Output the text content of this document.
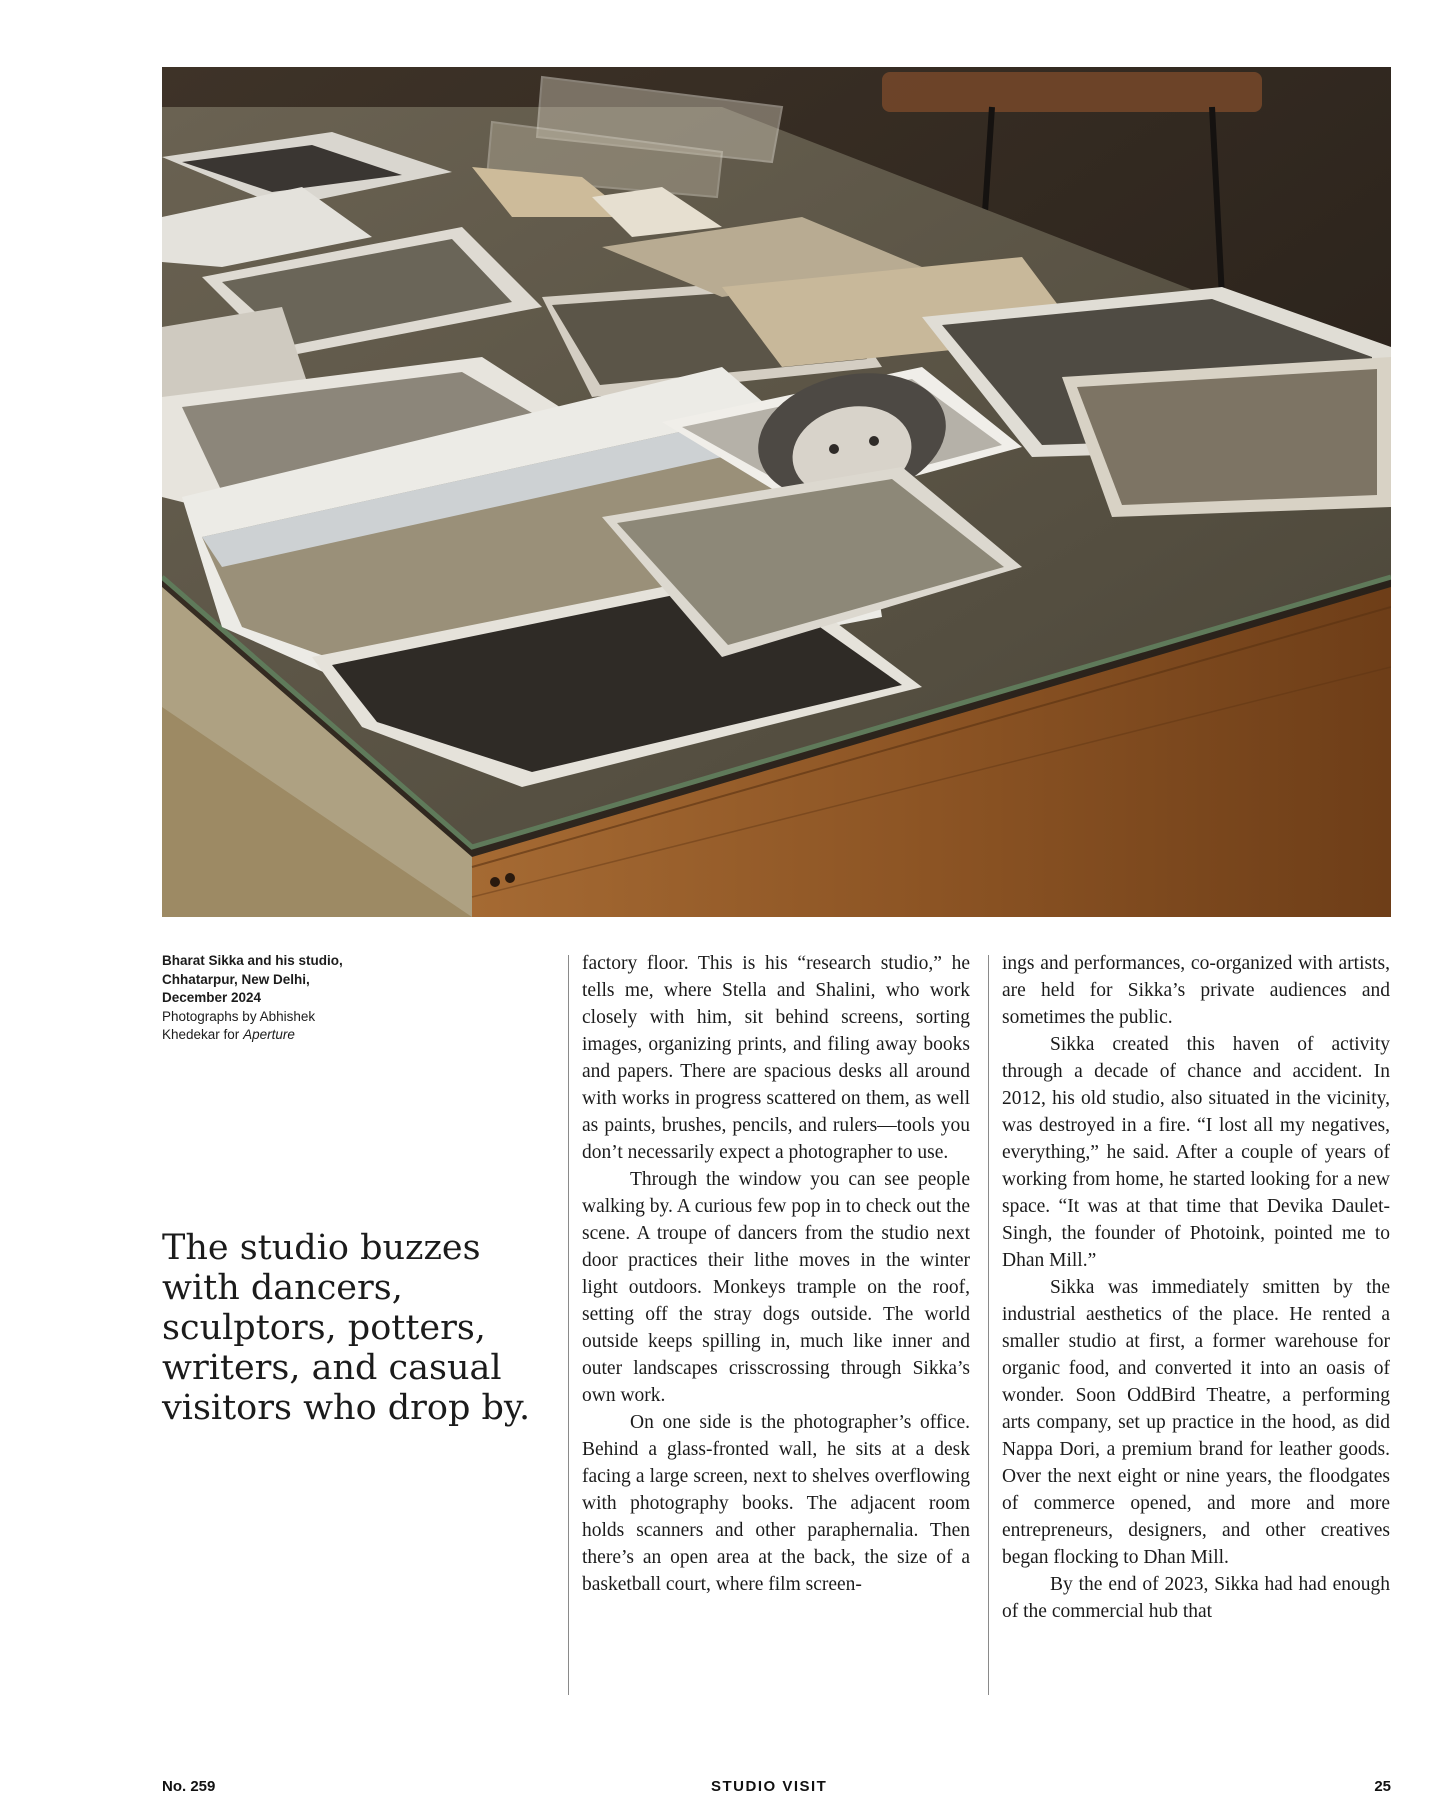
Bharat Sikka and his studio, Chhatarpur, New Delhi, December 2024
Photographs by Abhishek Khedekar for Aperture
The studio buzzes with dancers, sculptors, potters, writers, and casual visitors who drop by.

factory floor. This is his “research studio,” he tells me, where Stella and Shalini, who work closely with him, sit behind screens, sorting images, organizing prints, and filing away books and papers. There are spacious desks all around with works in progress scattered on them, as well as paints, brushes, pencils, and rulers—tools you don’t necessarily expect a photographer to use.

Through the window you can see people walking by. A curious few pop in to check out the scene. A troupe of dancers from the studio next door practices their lithe moves in the winter light outdoors. Monkeys trample on the roof, setting off the stray dogs outside. The world outside keeps spilling in, much like inner and outer landscapes crisscrossing through Sikka’s own work.

On one side is the photographer’s office. Behind a glass-fronted wall, he sits at a desk facing a large screen, next to shelves overflowing with photography books. The adjacent room holds scanners and other paraphernalia. Then there’s an open area at the back, the size of a basketball court, where film screen-

ings and performances, co-organized with artists, are held for Sikka’s private audiences and sometimes the public.

Sikka created this haven of activity through a decade of chance and accident. In 2012, his old studio, also situated in the vicinity, was destroyed in a fire. “I lost all my negatives, everything,” he said. After a couple of years of working from home, he started looking for a new space. “It was at that time that Devika Daulet-Singh, the founder of Photoink, pointed me to Dhan Mill.”

Sikka was immediately smitten by the industrial aesthetics of the place. He rented a smaller studio at first, a former warehouse for organic food, and converted it into an oasis of wonder. Soon OddBird Theatre, a performing arts company, set up practice in the hood, as did Nappa Dori, a premium brand for leather goods. Over the next eight or nine years, the floodgates of commerce opened, and more and more entrepreneurs, designers, and other creatives began flocking to Dhan Mill.

By the end of 2023, Sikka had had enough of the commercial hub that

No. 259	STUDIO VISIT	25
